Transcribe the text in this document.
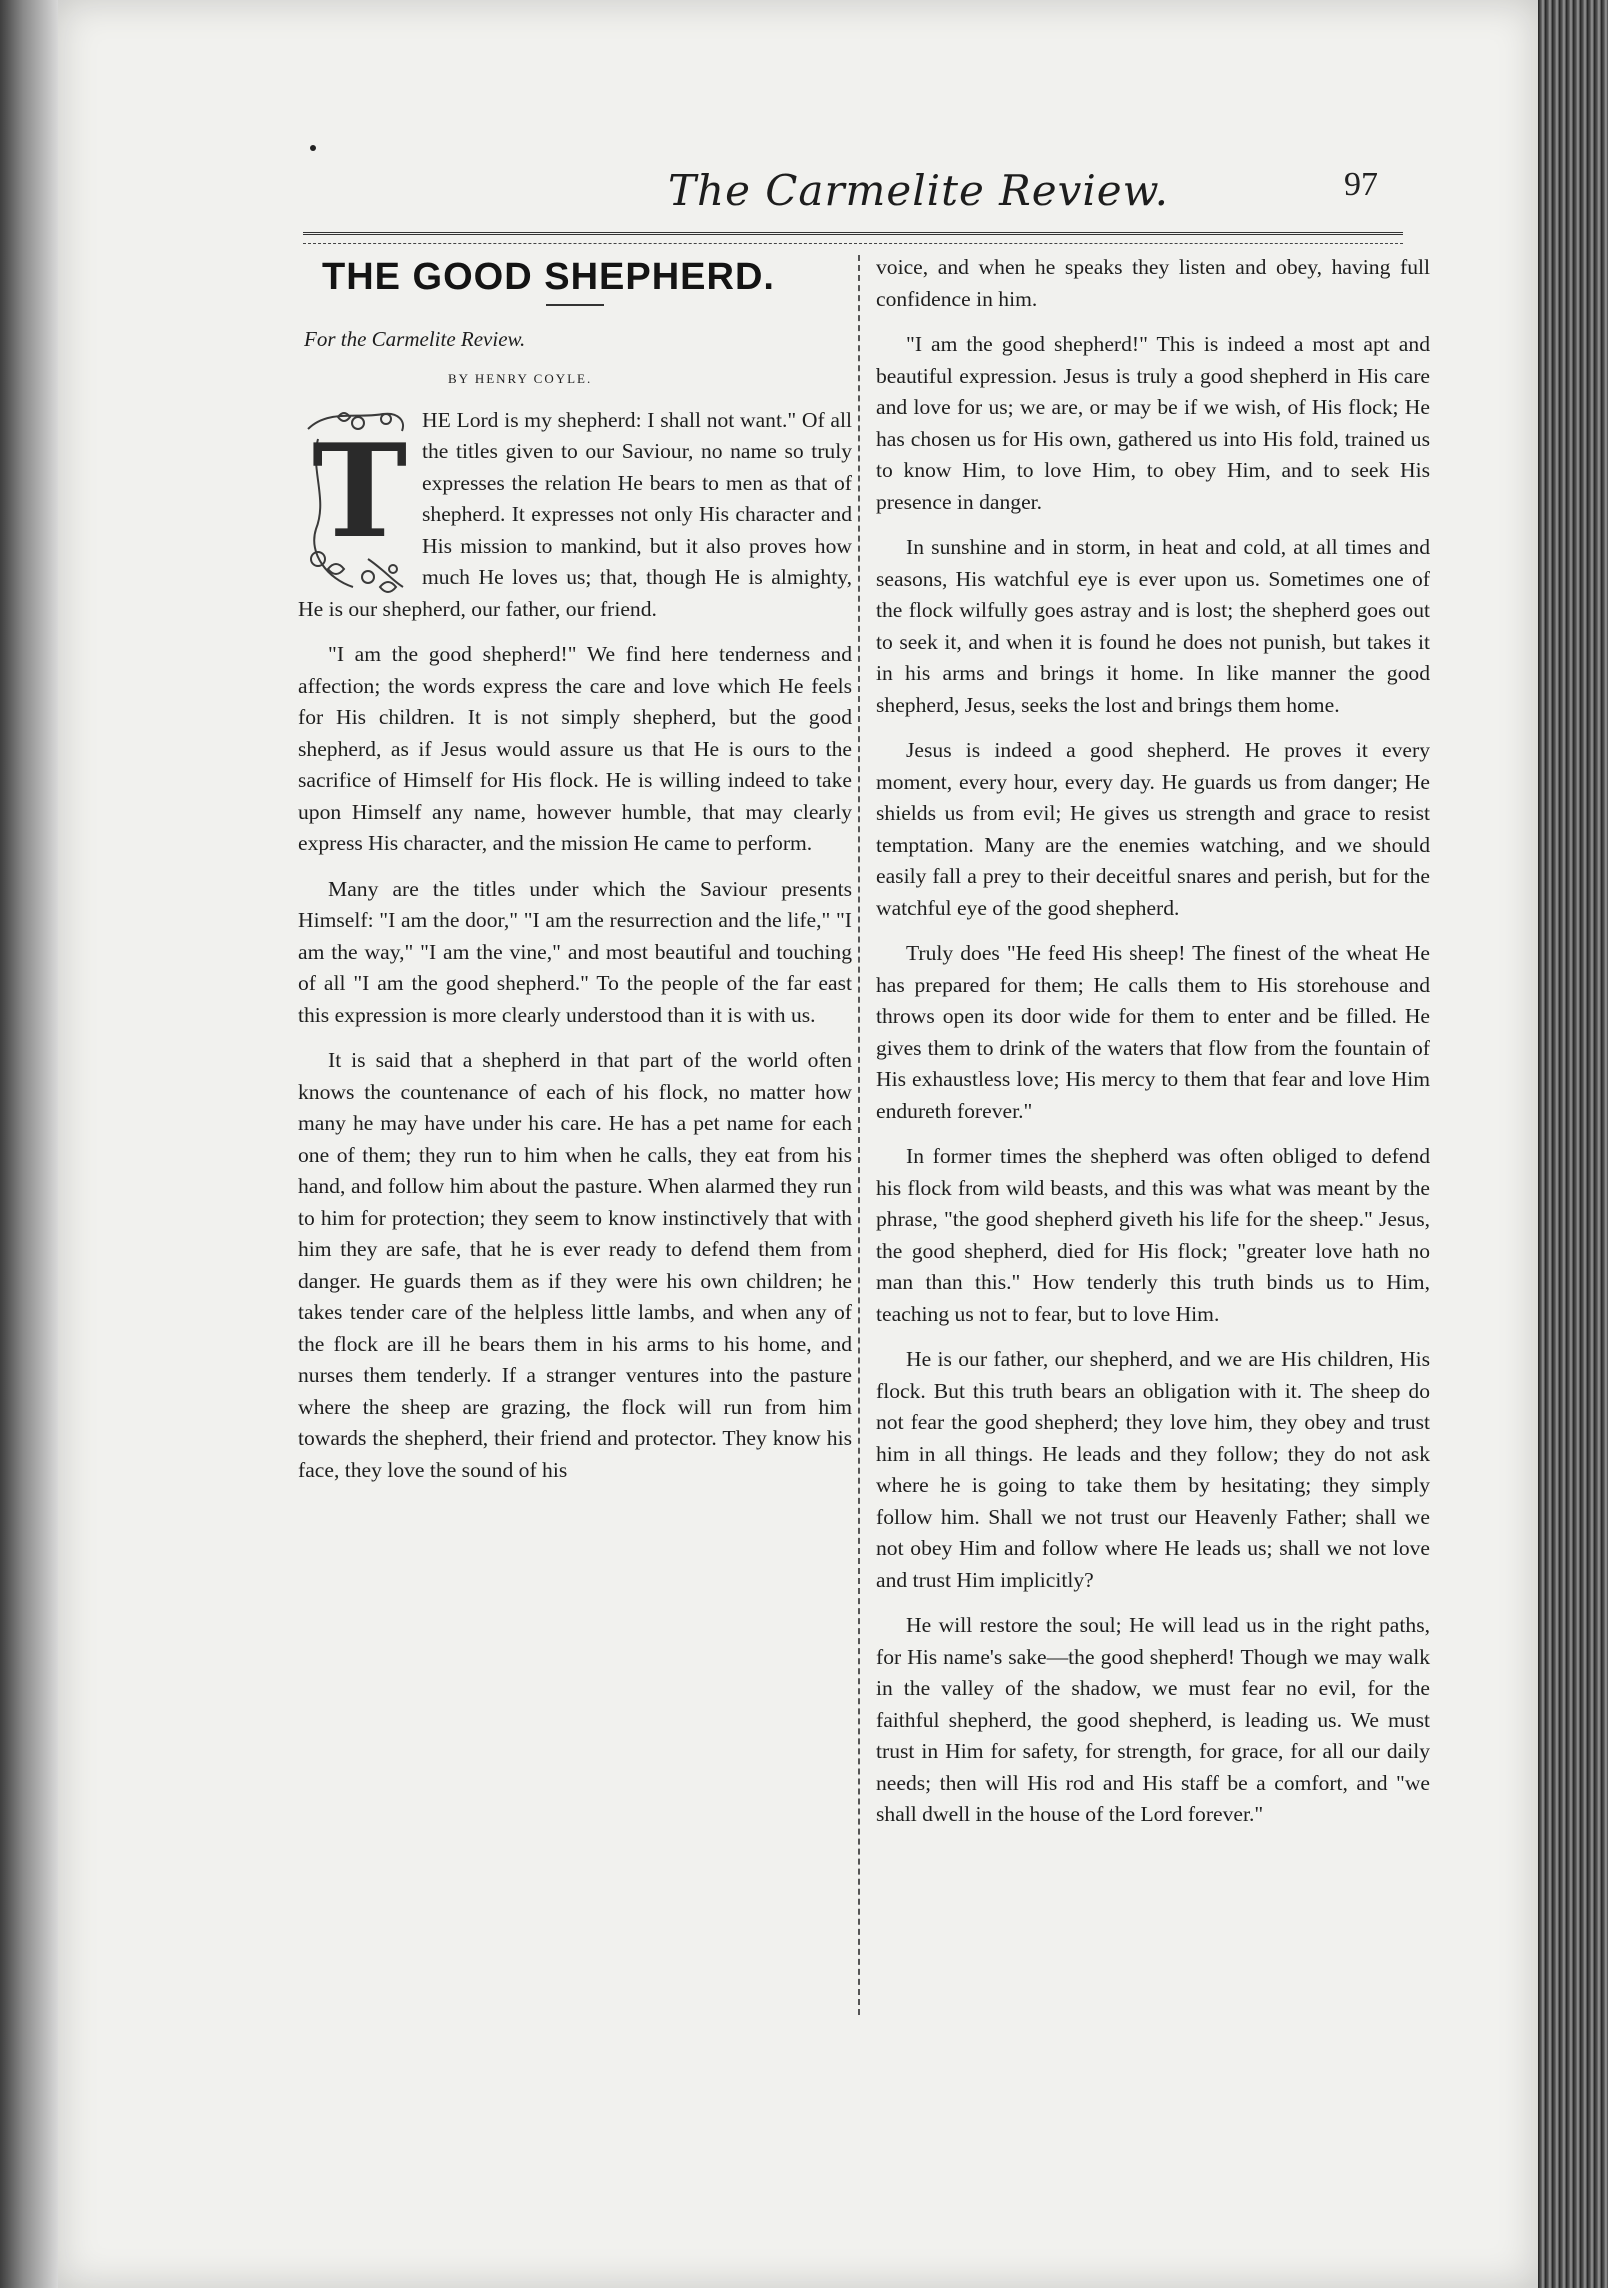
The Carmelite Review.	97
THE GOOD SHEPHERD.
For the Carmelite Review.
BY HENRY COYLE.
T HE Lord is my shepherd: I shall not want." Of all the titles given to our Saviour, no name so truly expresses the relation He bears to men as that of shepherd. It expresses not only His character and His mission to mankind, but it also proves how much He loves us; that, though He is almighty, He is our shepherd, our father, our friend.

"I am the good shepherd!" We find here tenderness and affection; the words express the care and love which He feels for His children. It is not simply shepherd, but the good shepherd, as if Jesus would assure us that He is ours to the sacrifice of Himself for His flock. He is willing indeed to take upon Himself any name, however humble, that may clearly express His character, and the mission He came to perform.

Many are the titles under which the Saviour presents Himself: "I am the door," "I am the resurrection and the life," "I am the way," "I am the vine," and most beautiful and touching of all "I am the good shepherd." To the people of the far east this expression is more clearly understood than it is with us.

It is said that a shepherd in that part of the world often knows the countenance of each of his flock, no matter how many he may have under his care. He has a pet name for each one of them; they run to him when he calls, they eat from his hand, and follow him about the pasture. When alarmed they run to him for protection; they seem to know instinctively that with him they are safe, that he is ever ready to defend them from danger. He guards them as if they were his own children; he takes tender care of the helpless little lambs, and when any of the flock are ill he bears them in his arms to his home, and nurses them tenderly. If a stranger ventures into the pasture where the sheep are grazing, the flock will run from him towards the shepherd, their friend and protector. They know his face, they love the sound of his

voice, and when he speaks they listen and obey, having full confidence in him.

"I am the good shepherd!" This is indeed a most apt and beautiful expression. Jesus is truly a good shepherd in His care and love for us; we are, or may be if we wish, of His flock; He has chosen us for His own, gathered us into His fold, trained us to know Him, to love Him, to obey Him, and to seek His presence in danger.

In sunshine and in storm, in heat and cold, at all times and seasons, His watchful eye is ever upon us. Sometimes one of the flock wilfully goes astray and is lost; the shepherd goes out to seek it, and when it is found he does not punish, but takes it in his arms and brings it home. In like manner the good shepherd, Jesus, seeks the lost and brings them home.

Jesus is indeed a good shepherd. He proves it every moment, every hour, every day. He guards us from danger; He shields us from evil; He gives us strength and grace to resist temptation. Many are the enemies watching, and we should easily fall a prey to their deceitful snares and perish, but for the watchful eye of the good shepherd.

Truly does "He feed His sheep! The finest of the wheat He has prepared for them; He calls them to His storehouse and throws open its door wide for them to enter and be filled. He gives them to drink of the waters that flow from the fountain of His exhaustless love; His mercy to them that fear and love Him endureth forever."

In former times the shepherd was often obliged to defend his flock from wild beasts, and this was what was meant by the phrase, "the good shepherd giveth his life for the sheep." Jesus, the good shepherd, died for His flock; "greater love hath no man than this." How tenderly this truth binds us to Him, teaching us not to fear, but to love Him.

He is our father, our shepherd, and we are His children, His flock. But this truth bears an obligation with it. The sheep do not fear the good shepherd; they love him, they obey and trust him in all things. He leads and they follow; they do not ask where he is going to take them by hesitating; they simply follow him. Shall we not trust our Heavenly Father; shall we not obey Him and follow where He leads us; shall we not love and trust Him implicitly?

He will restore the soul; He will lead us in the right paths, for His name's sake—the good shepherd! Though we may walk in the valley of the shadow, we must fear no evil, for the faithful shepherd, the good shepherd, is leading us. We must trust in Him for safety, for strength, for grace, for all our daily needs; then will His rod and His staff be a comfort, and "we shall dwell in the house of the Lord forever."
